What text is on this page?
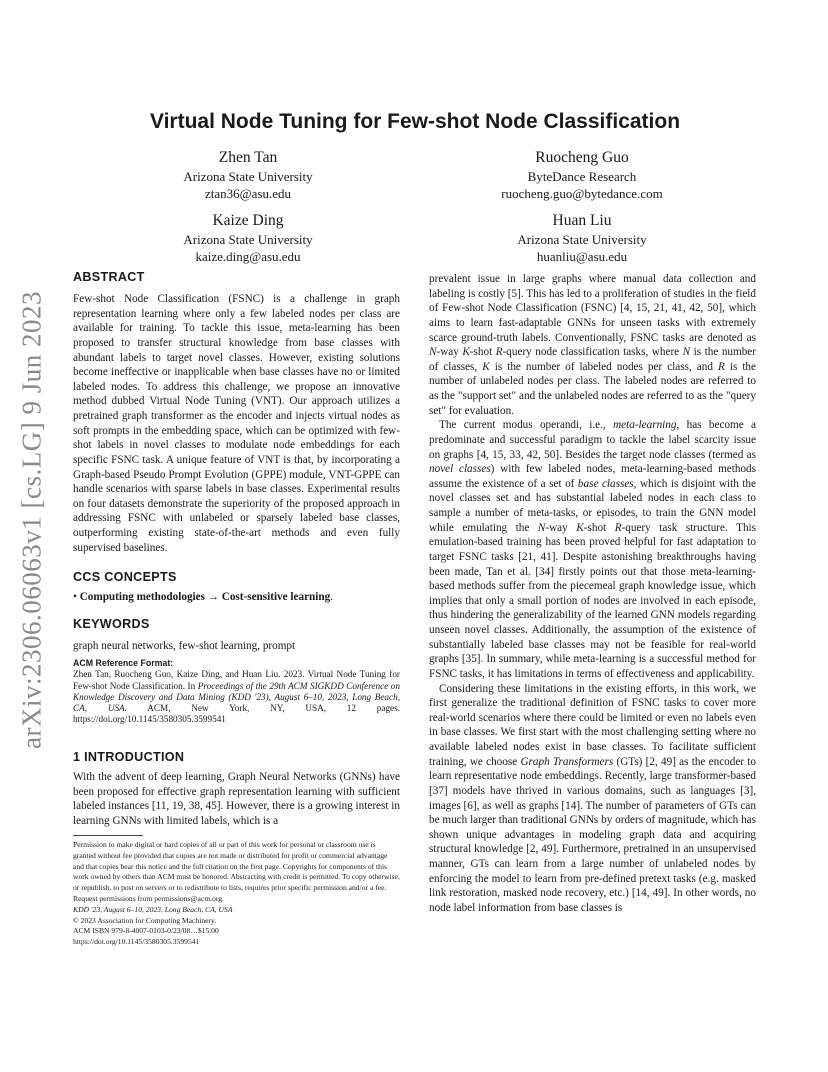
arXiv:2306.06063v1 [cs.LG] 9 Jun 2023
Virtual Node Tuning for Few-shot Node Classification
Zhen Tan
Arizona State University
ztan36@asu.edu
Ruocheng Guo
ByteDance Research
ruocheng.guo@bytedance.com
Kaize Ding
Arizona State University
kaize.ding@asu.edu
Huan Liu
Arizona State University
huanliu@asu.edu
ABSTRACT

Few-shot Node Classification (FSNC) is a challenge in graph representation learning where only a few labeled nodes per class are available for training. To tackle this issue, meta-learning has been proposed to transfer structural knowledge from base classes with abundant labels to target novel classes. However, existing solutions become ineffective or inapplicable when base classes have no or limited labeled nodes. To address this challenge, we propose an innovative method dubbed Virtual Node Tuning (VNT). Our approach utilizes a pretrained graph transformer as the encoder and injects virtual nodes as soft prompts in the embedding space, which can be optimized with few-shot labels in novel classes to modulate node embeddings for each specific FSNC task. A unique feature of VNT is that, by incorporating a Graph-based Pseudo Prompt Evolution (GPPE) module, VNT-GPPE can handle scenarios with sparse labels in base classes. Experimental results on four datasets demonstrate the superiority of the proposed approach in addressing FSNC with unlabeled or sparsely labeled base classes, outperforming existing state-of-the-art methods and even fully supervised baselines.

CCS CONCEPTS
• Computing methodologies → Cost-sensitive learning.
KEYWORDS
graph neural networks, few-shot learning, prompt
ACM Reference Format:
Zhen Tan, Ruocheng Guo, Kaize Ding, and Huan Liu. 2023. Virtual Node Tuning for Few-shot Node Classification. In Proceedings of the 29th ACM SIGKDD Conference on Knowledge Discovery and Data Mining (KDD '23), August 6–10, 2023, Long Beach, CA, USA. ACM, New York, NY, USA, 12 pages. https://doi.org/10.1145/3580305.3599541
1 INTRODUCTION

With the advent of deep learning, Graph Neural Networks (GNNs) have been proposed for effective graph representation learning with sufficient labeled instances [11, 19, 38, 45]. However, there is a growing interest in learning GNNs with limited labels, which is a

Permission to make digital or hard copies of all or part of this work for personal or classroom use is granted without fee provided that copies are not made or distributed for profit or commercial advantage and that copies bear this notice and the full citation on the first page. Copyrights for components of this work owned by others than ACM must be honored. Abstracting with credit is permitted. To copy otherwise, or republish, to post on servers or to redistribute to lists, requires prior specific permission and/or a fee. Request permissions from permissions@acm.org.
KDD '23, August 6–10, 2023, Long Beach, CA, USA
© 2023 Association for Computing Machinery.
ACM ISBN 979-8-4007-0103-0/23/08…$15.00
https://doi.org/10.1145/3580305.3599541

prevalent issue in large graphs where manual data collection and labeling is costly [5]. This has led to a proliferation of studies in the field of Few-shot Node Classification (FSNC) [4, 15, 21, 41, 42, 50], which aims to learn fast-adaptable GNNs for unseen tasks with extremely scarce ground-truth labels. Conventionally, FSNC tasks are denoted as N-way K-shot R-query node classification tasks, where N is the number of classes, K is the number of labeled nodes per class, and R is the number of unlabeled nodes per class. The labeled nodes are referred to as the "support set" and the unlabeled nodes are referred to as the "query set" for evaluation.

The current modus operandi, i.e., meta-learning, has become a predominate and successful paradigm to tackle the label scarcity issue on graphs [4, 15, 33, 42, 50]. Besides the target node classes (termed as novel classes) with few labeled nodes, meta-learning-based methods assume the existence of a set of base classes, which is disjoint with the novel classes set and has substantial labeled nodes in each class to sample a number of meta-tasks, or episodes, to train the GNN model while emulating the N-way K-shot R-query task structure. This emulation-based training has been proved helpful for fast adaptation to target FSNC tasks [21, 41]. Despite astonishing breakthroughs having been made, Tan et al. [34] firstly points out that those meta-learning-based methods suffer from the piecemeal graph knowledge issue, which implies that only a small portion of nodes are involved in each episode, thus hindering the generalizability of the learned GNN models regarding unseen novel classes. Additionally, the assumption of the existence of substantially labeled base classes may not be feasible for real-world graphs [35]. In summary, while meta-learning is a successful method for FSNC tasks, it has limitations in terms of effectiveness and applicability.

Considering these limitations in the existing efforts, in this work, we first generalize the traditional definition of FSNC tasks to cover more real-world scenarios where there could be limited or even no labels even in base classes. We first start with the most challenging setting where no available labeled nodes exist in base classes. To facilitate sufficient training, we choose Graph Transformers (GTs) [2, 49] as the encoder to learn representative node embeddings. Recently, large transformer-based [37] models have thrived in various domains, such as languages [3], images [6], as well as graphs [14]. The number of parameters of GTs can be much larger than traditional GNNs by orders of magnitude, which has shown unique advantages in modeling graph data and acquiring structural knowledge [2, 49]. Furthermore, pretrained in an unsupervised manner, GTs can learn from a large number of unlabeled nodes by enforcing the model to learn from pre-defined pretext tasks (e.g. masked link restoration, masked node recovery, etc.) [14, 49]. In other words, no node label information from base classes is
